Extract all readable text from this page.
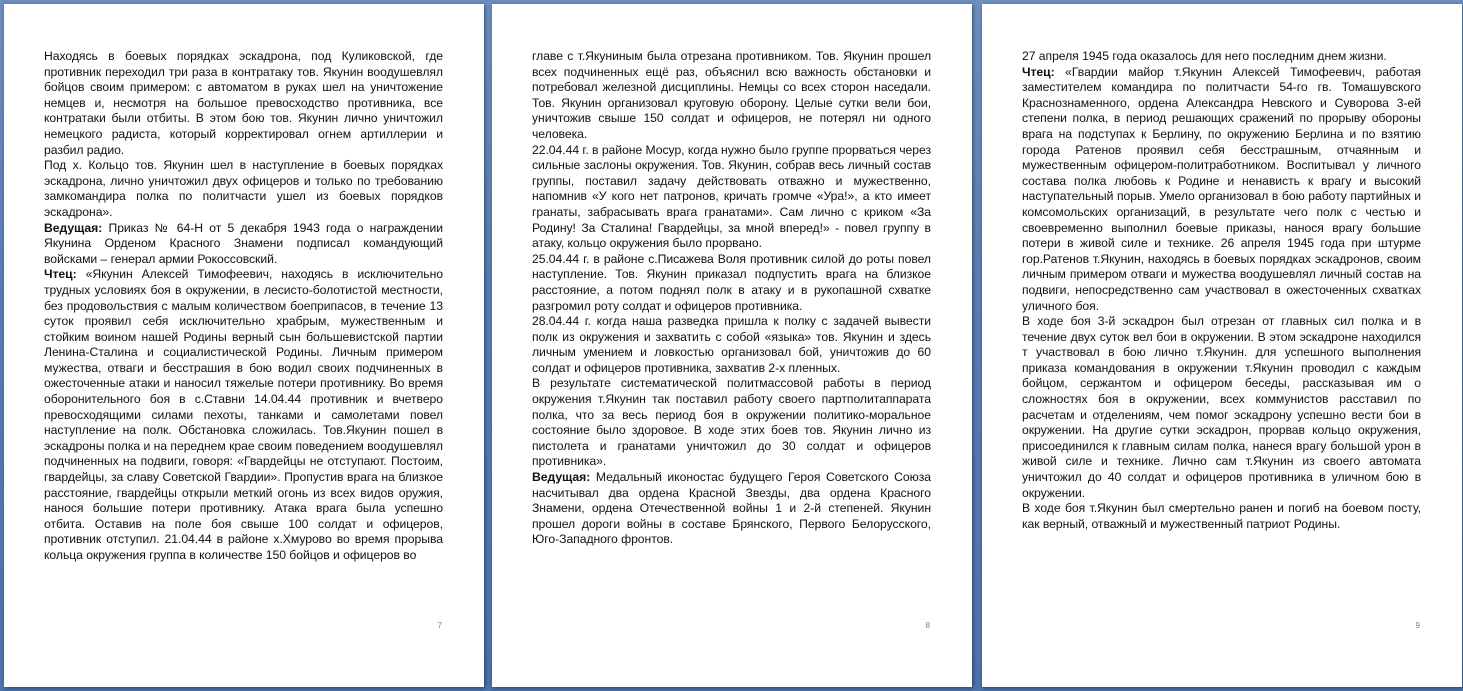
Находясь в боевых порядках эскадрона, под Куликовской, где противник переходил три раза в контратаку тов. Якунин воодушевлял бойцов своим примером: с автоматом в руках шел на уничтожение немцев и, несмотря на большое превосходство противника, все контратаки были отбиты. В этом бою тов. Якунин лично уничтожил немецкого радиста, который корректировал огнем артиллерии и разбил радио.

Под х. Кольцо тов. Якунин шел в наступление в боевых порядках эскадрона, лично уничтожил двух офицеров и только по требованию замкомандира полка по политчасти ушел из боевых порядков эскадрона».

Ведущая: Приказ № 64-Н от 5 декабря 1943 года о награждении Якунина Орденом Красного Знамени подписал командующий войсками – генерал армии Рокоссовский.

Чтец: «Якунин Алексей Тимофеевич, находясь в исключительно трудных условиях боя в окружении, в лесисто-болотистой местности, без продовольствия с малым количеством боеприпасов, в течение 13 суток проявил себя исключительно храбрым, мужественным и стойким воином нашей Родины верный сын большевистской партии Ленина-Сталина и социалистической Родины. Личным примером мужества, отваги и бесстрашия в бою водил своих подчиненных в ожесточенные атаки и наносил тяжелые потери противнику. Во время оборонительного боя в с.Ставни 14.04.44 противник и вчетверо превосходящими силами пехоты, танками и самолетами повел наступление на полк. Обстановка сложилась. Тов.Якунин пошел в эскадроны полка и на переднем крае своим поведением воодушевлял подчиненных на подвиги, говоря: «Гвардейцы не отступают. Постоим, гвардейцы, за славу Советской Гвардии». Пропустив врага на близкое расстояние, гвардейцы открыли меткий огонь из всех видов оружия, нанося большие потери противнику. Атака врага была успешно отбита. Оставив на поле боя свыше 100 солдат и офицеров, противник отступил. 21.04.44 в районе х.Хмурово во время прорыва кольца окружения группа в количестве 150 бойцов и офицеров во

7

главе с т.Якуниным была отрезана противником. Тов. Якунин прошел всех подчиненных ещё раз, объяснил всю важность обстановки и потребовал железной дисциплины. Немцы со всех сторон наседали. Тов. Якунин организовал круговую оборону. Целые сутки вели бои, уничтожив свыше 150 солдат и офицеров, не потерял ни одного человека.

22.04.44 г. в районе Мосур, когда нужно было группе прорваться через сильные заслоны окружения. Тов. Якунин, собрав весь личный состав группы, поставил задачу действовать отважно и мужественно, напомнив «У кого нет патронов, кричать громче «Ура!», а кто имеет гранаты, забрасывать врага гранатами». Сам лично с криком «За Родину! За Сталина! Гвардейцы, за мной вперед!» - повел группу в атаку, кольцо окружения было прорвано.

25.04.44 г. в районе с.Писажева Воля противник силой до роты повел наступление. Тов. Якунин приказал подпустить врага на близкое расстояние, а потом поднял полк в атаку и в рукопашной схватке разгромил роту солдат и офицеров противника.

28.04.44 г. когда наша разведка пришла к полку с задачей вывести полк из окружения и захватить с собой «языка» тов. Якунин и здесь личным умением и ловкостью организовал бой, уничтожив до 60 солдат и офицеров противника, захватив 2-х пленных.

В результате систематической политмассовой работы в период окружения т.Якунин так поставил работу своего партполитаппарата полка, что за весь период боя в окружении политико-моральное состояние было здоровое. В ходе этих боев тов. Якунин лично из пистолета и гранатами уничтожил до 30 солдат и офицеров противника».

Ведущая: Медальный иконостас будущего Героя Советского Союза насчитывал два ордена Красной Звезды, два ордена Красного Знамени, ордена Отечественной войны 1 и 2-й степеней. Якунин прошел дороги войны в составе Брянского, Первого Белорусского, Юго-Западного фронтов.

8

27 апреля 1945 года оказалось для него последним днем жизни.

Чтец: «Гвардии майор т.Якунин Алексей Тимофеевич, работая заместителем командира по политчасти 54-го гв. Томашувского Краснознаменного, ордена Александра Невского и Суворова 3-ей степени полка, в период решающих сражений по прорыву обороны врага на подступах к Берлину, по окружению Берлина и по взятию города Ратенов проявил себя бесстрашным, отчаянным и мужественным офицером-политработником. Воспитывал у личного состава полка любовь к Родине и ненависть к врагу и высокий наступательный порыв. Умело организовал в бою работу партийных и комсомольских организаций, в результате чего полк с честью и своевременно выполнил боевые приказы, нанося врагу большие потери в живой силе и технике. 26 апреля 1945 года при штурме гор.Ратенов т.Якунин, находясь в боевых порядках эскадронов, своим личным примером отваги и мужества воодушевлял личный состав на подвиги, непосредственно сам участвовал в ожесточенных схватках уличного боя.

В ходе боя 3-й эскадрон был отрезан от главных сил полка и в течение двух суток вел бои в окружении. В этом эскадроне находился т участвовал в бою лично т.Якунин. для успешного выполнения приказа командования в окружении т.Якунин проводил с каждым бойцом, сержантом и офицером беседы, рассказывая им о сложностях боя в окружении, всех коммунистов расставил по расчетам и отделениям, чем помог эскадрону успешно вести бои в окружении. На другие сутки эскадрон, прорвав кольцо окружения, присоединился к главным силам полка, нанеся врагу большой урон в живой силе и технике. Лично сам т.Якунин из своего автомата уничтожил до 40 солдат и офицеров противника в уличном бою в окружении.

В ходе боя т.Якунин был смертельно ранен и погиб на боевом посту, как верный, отважный и мужественный патриот Родины.

9
